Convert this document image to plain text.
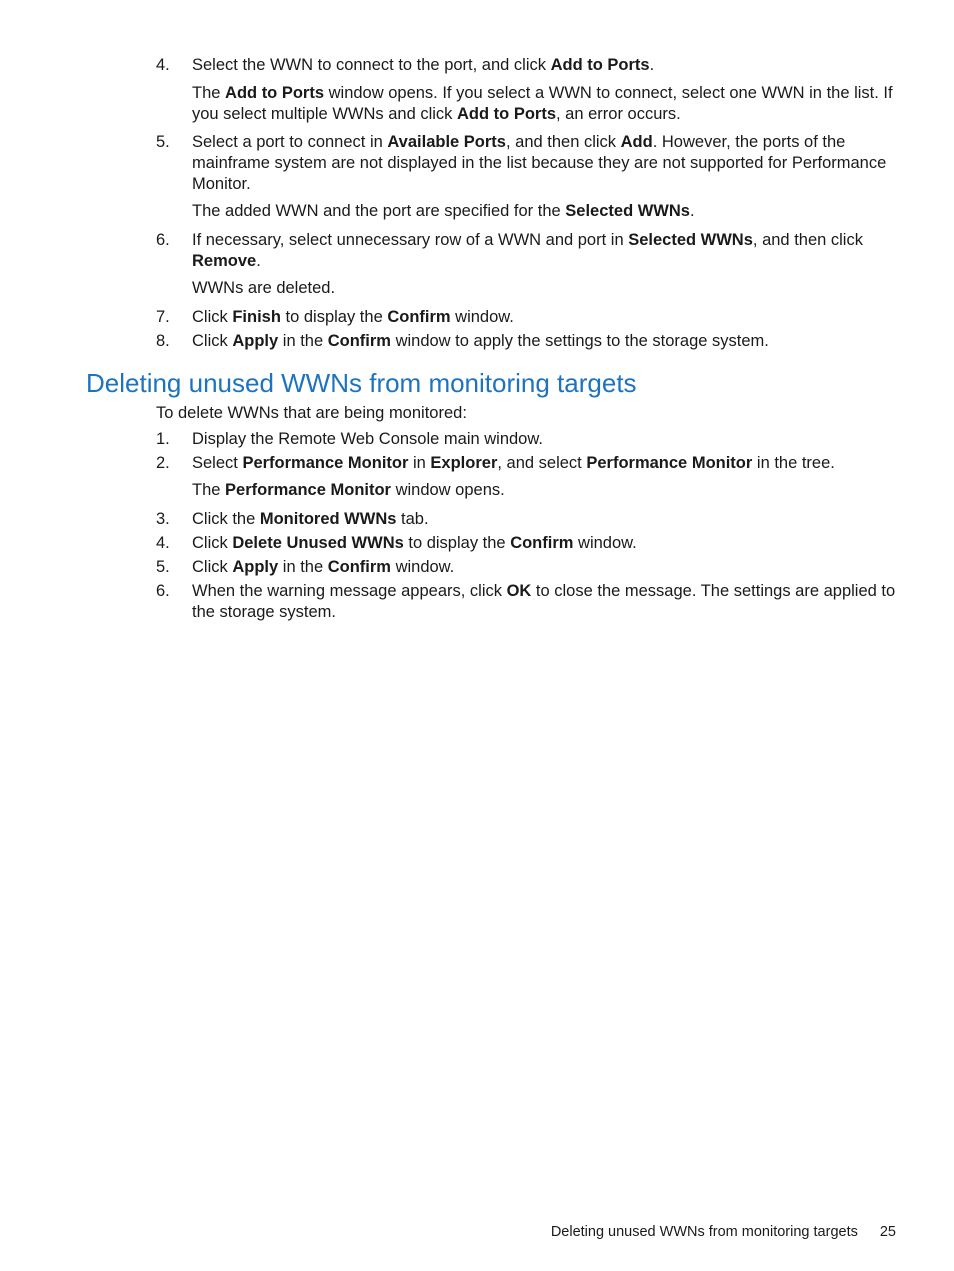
4.	Select the WWN to connect to the port, and click Add to Ports.
The Add to Ports window opens. If you select a WWN to connect, select one WWN in the list. If you select multiple WWNs and click Add to Ports, an error occurs.
5.	Select a port to connect in Available Ports, and then click Add. However, the ports of the mainframe system are not displayed in the list because they are not supported for Performance Monitor.
The added WWN and the port are specified for the Selected WWNs.
6.	If necessary, select unnecessary row of a WWN and port in Selected WWNs, and then click Remove.
WWNs are deleted.
7.	Click Finish to display the Confirm window.
8.	Click Apply in the Confirm window to apply the settings to the storage system.
Deleting unused WWNs from monitoring targets
To delete WWNs that are being monitored:
1.	Display the Remote Web Console main window.
2.	Select Performance Monitor in Explorer, and select Performance Monitor in the tree.
The Performance Monitor window opens.
3.	Click the Monitored WWNs tab.
4.	Click Delete Unused WWNs to display the Confirm window.
5.	Click Apply in the Confirm window.
6.	When the warning message appears, click OK to close the message. The settings are applied to the storage system.
Deleting unused WWNs from monitoring targets 25
